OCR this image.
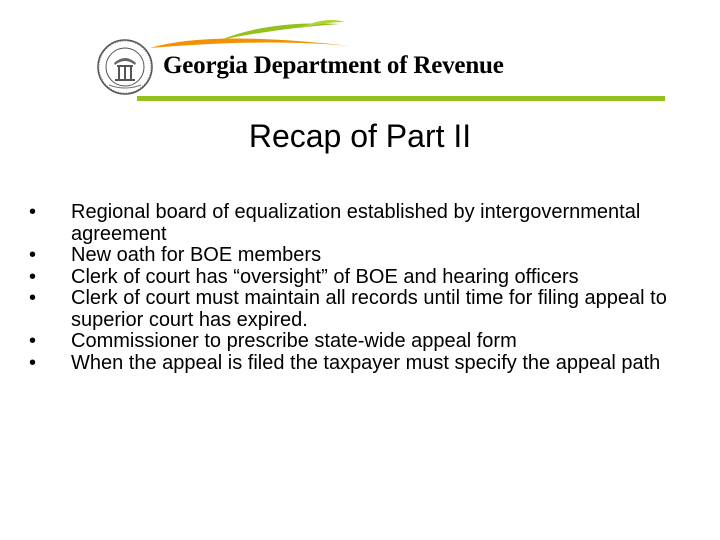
Georgia Department of Revenue
Recap of Part II
•	Regional board of equalization established by intergovernmental agreement
•	New oath for BOE members
•	Clerk of court has “oversight” of BOE and hearing officers
•	Clerk of court must maintain all records until time for filing appeal to superior court has expired.
•	Commissioner to prescribe state-wide appeal form
•	When the appeal is filed the taxpayer must specify the appeal path
